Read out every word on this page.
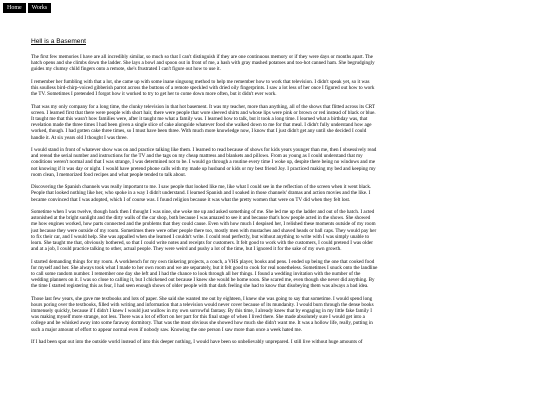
Home	Works
Hell is a Basement

The first few memories I have are all incredibly similar, so much so that I can't distinguish if they are one continuous memory or if they were days or months apart. The
hatch opens and she climbs down the ladder. She lays a bowl and spoon out in front of me, a hash with gray mashed potatoes and too-hot canned ham. She begrudgingly
guides my clumsy child fingers onto a remote, she's frustrated I can't figure out how to use it.

I remember her fumbling with that a lot, she came up with some inane singsong method to help me remember how to work that television. I didn't speak yet, so it was
this soulless bird-chirp-voiced gibberish parrot across the buttons of a remote speckled with dried oily fingerprints. I saw a lot less of her once I figured out how to work
the TV. Sometimes I pretended I forgot how it worked to try to get her to come down more often, but it didn't ever work.

That was my only company for a long time, the clunky television in that hot basement. It was my teacher, more than anything, all of the shows that flitted across its CRT
screen. I learned first that there were people with short hair, there were people that wore sleeved shirts and whose lips were pink or brown or red instead of black or blue.
It taught me that this wasn't how families were, after it taught me what a family was. I learned how to talk, but it took a long time. I learned what a birthday was, that
revelation made the three times I had been given a single slice of cake alongside whatever food she walked down to me for that meal. I didn't fully understand how age
worked, though. I had gotten cake three times, so I must have been three. With much more knowledge now, I know that I just didn't get any until she decided I could
handle it. At six years old I thought I was three.

I would stand in front of whatever show was on and practice talking like them. I learned to read because of shows for kids years younger than me, then I obsessively read
and reread the serial number and instructions for the TV and the tags on my cheap mattress and blankets and pillows. From as young as I could understand that my
conditions weren't normal and that I was strange, I was determined not to be. I would go through a routine every time I woke up, despite there being no windows and me
not knowing if it was day or night. I would have pretend phone calls with my made up husband or kids or my best friend Joy. I practiced making my bed and keeping my
room clean, I memorized food recipes and what people tended to talk about.

Discovering the Spanish channels was really important to me. I saw people that looked like me, like what I could see in the reflection of the screen when it went black.
People that looked nothing like her, who spoke in a way I didn't understand. I learned Spanish and I soaked in those channels' dramas and action movies and the like. I
became convinced that I was adopted, which I of course was. I found religion because it was what the pretty women that were on TV did when they felt lost.

Sometime when I was twelve, though back then I thought I was nine, she woke me up and asked something of me. She led me up the ladder and out of the hatch. I acted
astonished at the bright sunlight and the dirty walls of the car shop, both because I was amazed to see it and because that's how people acted in the shows. She showed
me how engines worked, how parts connected and the problems that they could cause. Even with how much I despised her, I relished these moments outside of my room
just because they were outside of my room. Sometimes there were other people there too, mostly men with mustaches and shaved heads or ball caps. They would pay her
to fix their car, and I would help. She was appalled when she learned I couldn't write. I could read perfectly, but without anything to write with I was simply unable to
learn. She taught me that, obviously bothered, so that I could write notes and receipts for customers. It felt good to work with the customers, I could pretend I was older
and at a job, I could practice talking to other, actual people. They were weird and pushy a lot of the time, but I ignored it for the sake of my own growth.

I started demanding things for my room. A workbench for my own tinkering projects, a couch, a VHS player, books and pens. I ended up being the one that cooked food
for myself and her. She always took what I made to her own room and we ate separately, but it felt good to cook for real nonetheless. Sometimes I snuck onto the landline
to call some random number. I remember one day she left and I had the chance to look through all her things. I found a wedding invitation with the number of the
wedding planners on it. I was so close to calling it, but I chickened out because I knew she would be home soon. She scared me, even though she never did anything. By
the time I started registering this as fear, I had seen enough shows of older people with that dark feeling she had to know that disobeying them was always a bad idea.

Those last few years, she gave me textbooks and lots of paper. She said she wanted me out by eighteen, I knew she was going to say that sometime. I would spend long
hours poring over the textbooks, filled with writing and information that a television would never cover because of its mundanity. I would burn through the dense books
immensely quickly, because if I didn't I knew I would just wallow in my own sorrowful fantasy. By this time, I already knew that by engaging in my little fake family I
was making myself more strange, not less. There was a lot of effort on her part for this final stage of when I lived there. She made absolutely sure I would get into a
college and be whisked away into some faraway dormitory. That was the most obvious she showed how much she didn't want me. It was a hollow life, really, putting in
such a major amount of effort to appear normal even if nobody saw. Knowing the one person I saw more than once a week hated me.

If I had been spat out into the outside world instead of into this deeper nothing, I would have been so unbelievably unprepared. I still live without huge amounts of
